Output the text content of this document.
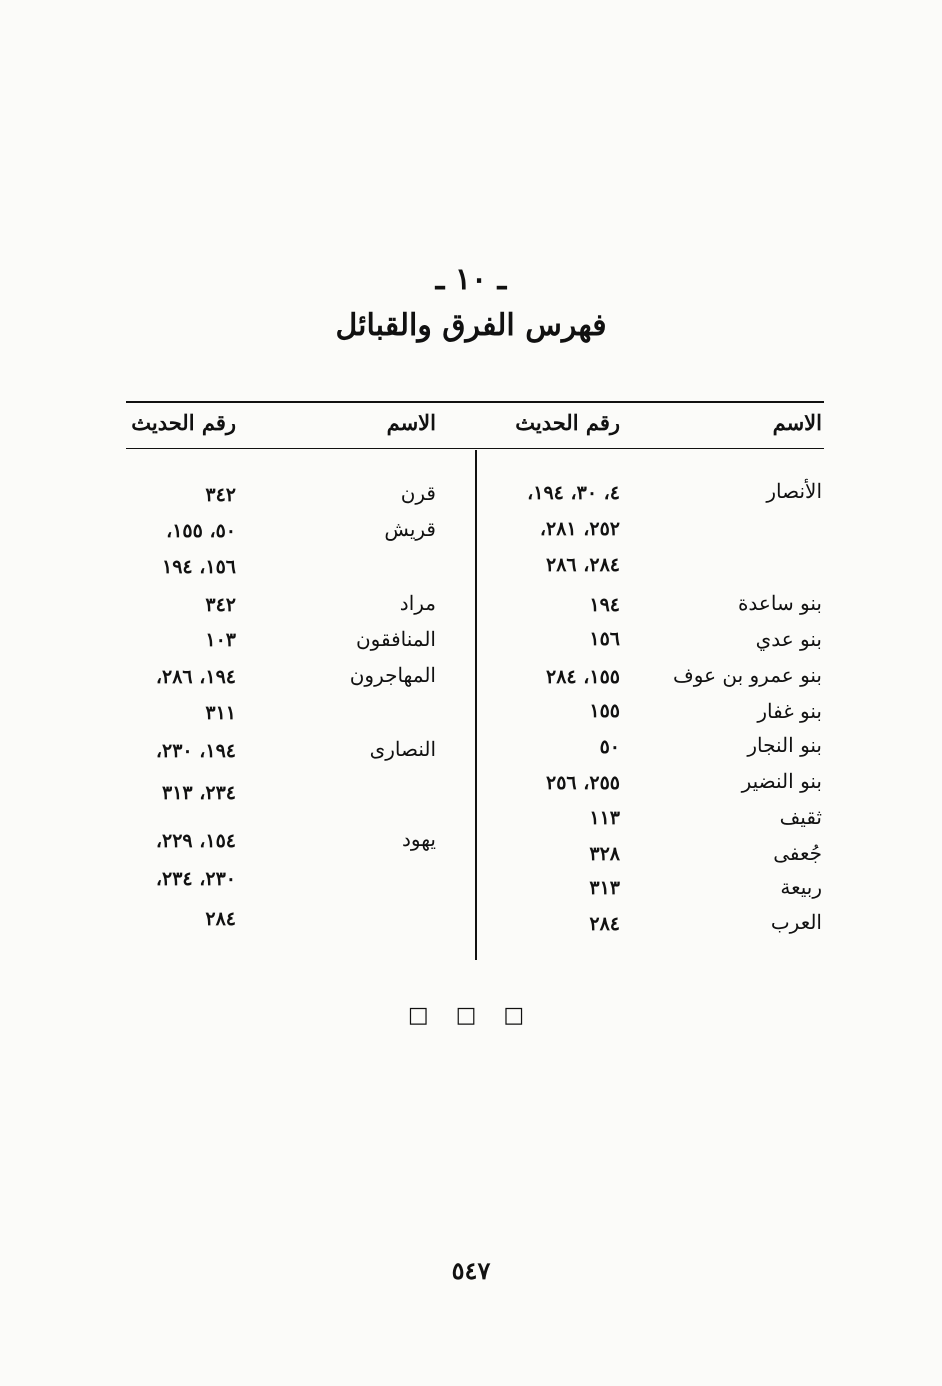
ـ ١٠ ـ
فهرس الفرق والقبائل
الاسم
رقم الحديث
الاسم
رقم الحديث
الأنصار
٤، ٣٠، ١٩٤،
٢٥٢، ٢٨١،
٢٨٤، ٢٨٦
بنو ساعدة
١٩٤
بنو عدي
١٥٦
بنو عمرو بن عوف
١٥٥، ٢٨٤
بنو غفار
١٥٥
بنو النجار
٥٠
بنو النضير
٢٥٥، ٢٥٦
ثقيف
١١٣
جُعفى
٣٢٨
ربيعة
٣١٣
العرب
٢٨٤
قرن
٣٤٢
قريش
٥٠، ١٥٥،
١٥٦، ١٩٤
مراد
٣٤٢
المنافقون
١٠٣
المهاجرون
١٩٤، ٢٨٦،
٣١١
النصارى
١٩٤، ٢٣٠،
٢٣٤، ٣١٣
يهود
١٥٤، ٢٢٩،
٢٣٠، ٢٣٤،
٢٨٤
□ □ □
٥٤٧
